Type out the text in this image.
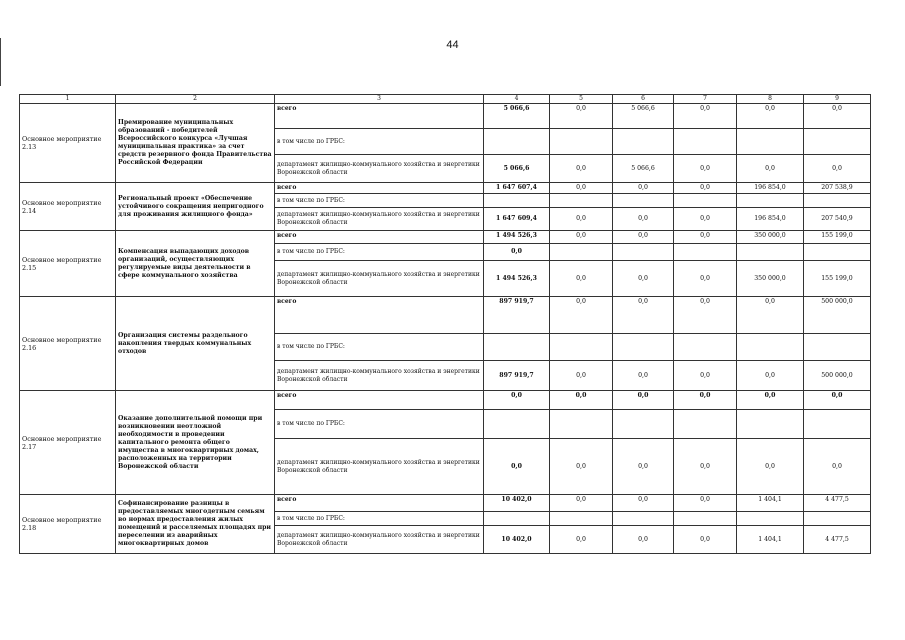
44
1	2	3	4	5	6	7	8	9
Основное мероприятие 2.13	Премирование муниципальных образований - победителей Всероссийского конкурса «Лучшая муниципальная практика» за счет средств резервного фонда Правительства Российской Федерации	всего	5 066,6	0,0	5 066,6	0,0	0,0	0,0
		в том числе по ГРБС:						
		департамент жилищно-коммунального хозяйства и энергетики Воронежской области	5 066,6	0,0	5 066,6	0,0	0,0	0,0
Основное мероприятие 2.14	Региональный проект «Обеспечение устойчивого сокращения непригодного для проживания жилищного фонда»	всего	1 647 607,4	0,0	0,0	0,0	196 854,0	207 538,9
		в том числе по ГРБС:						
		департамент жилищно-коммунального хозяйства и энергетики Воронежской области	1 647 609,4	0,0	0,0	0,0	196 854,0	207 540,9
Основное мероприятие 2.15	Компенсация выпадающих доходов организаций, осуществляющих регулируемые виды деятельности в сфере коммунального хозяйства	всего	1 494 526,3	0,0	0,0	0,0	350 000,0	155 199,0
		в том числе по ГРБС:	0,0					
		департамент жилищно-коммунального хозяйства и энергетики Воронежской области	1 494 526,3	0,0	0,0	0,0	350 000,0	155 199,0
Основное мероприятие 2.16	Организация системы раздельного накопления твердых коммунальных отходов	всего	897 919,7	0,0	0,0	0,0	0,0	500 000,0
		в том числе по ГРБС:						
		департамент жилищно-коммунального хозяйства и энергетики Воронежской области	897 919,7	0,0	0,0	0,0	0,0	500 000,0
Основное мероприятие 2.17	Оказание дополнительной помощи при возникновении неотложной необходимости в проведении капитального ремонта общего имущества в многоквартирных домах, расположенных на территории Воронежской области	всего	0,0	0,0	0,0	0,0	0,0	0,0
		в том числе по ГРБС:						
		департамент жилищно-коммунального хозяйства и энергетики Воронежской области	0,0	0,0	0,0	0,0	0,0	0,0
Основное мероприятие 2.18	Софинансирование разницы в предоставляемых многодетным семьям во нормах предоставления жилых помещений и расселяемых площадях при переселении из аварийных многоквартирных домов	всего	10 402,0	0,0	0,0	0,0	1 404,1	4 477,5
		в том числе по ГРБС:						
		департамент жилищно-коммунального хозяйства и энергетики Воронежской области	10 402,0	0,0	0,0	0,0	1 404,1	4 477,5
